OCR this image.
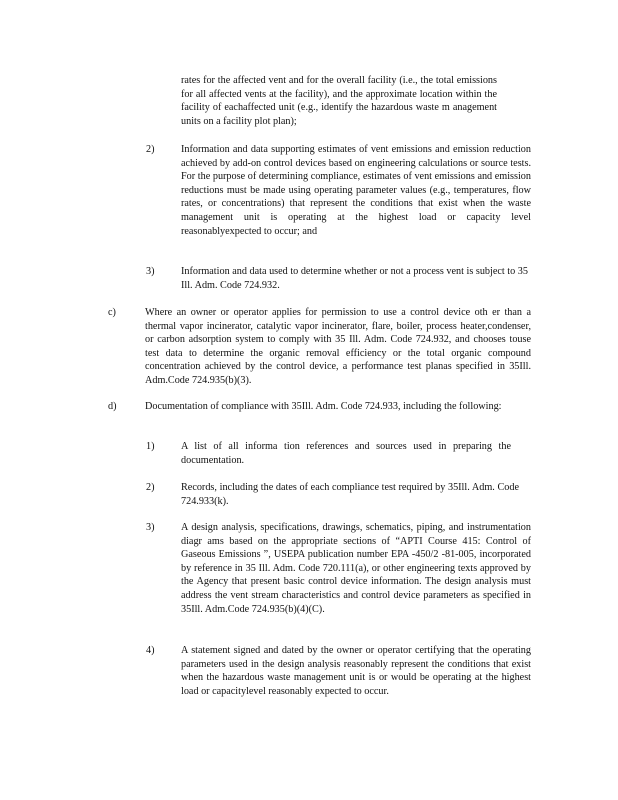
rates for the affected vent and for the overall facility (i.e., the total emissions for all affected vents at the facility), and the approximate location within the facility of eachaffected unit (e.g., identify the hazardous waste m anagement units on a facility plot plan);

2)	Information and data supporting estimates of vent emissions and emission reduction achieved by add-on control devices based on engineering calculations or source tests. For the purpose of determining compliance, estimates of vent emissions and emission reductions must be made using operating parameter values (e.g., temperatures, flow rates, or concentrations) that represent the conditions that exist when the waste management unit is operating at the highest load or capacity level reasonablyexpected to occur; and

3)	Information and data used to determine whether or not a process vent is subject to 35 Ill. Adm. Code 724.932.

c)	Where an owner or operator applies for permission to use a control device oth er than a thermal vapor incinerator, catalytic vapor incinerator, flare, boiler, process heater,condenser, or carbon adsorption system to comply with 35 Ill. Adm. Code 724.932, and chooses touse test data to determine the organic removal efficiency or the total organic compound concentration achieved by the control device, a performance test planas specified in 35Ill. Adm.Code 724.935(b)(3).

d)	Documentation of compliance with 35Ill. Adm. Code 724.933, including the following:

1)	A list of all informa tion references and sources used in preparing the documentation.

2)	Records, including the dates of each compliance test required by 35Ill. Adm. Code 724.933(k).

3)	A design analysis, specifications, drawings, schematics, piping, and instrumentation diagr ams based on the appropriate sections of “APTI Course 415: Control of Gaseous Emissions ”, USEPA publication number EPA -450/2 -81-005, incorporated by reference in 35 Ill. Adm. Code 720.111(a), or other engineering texts approved by the Agency that present basic control device information. The design analysis must address the vent stream characteristics and control device parameters as specified in 35Ill. Adm.Code 724.935(b)(4)(C).

4)	A statement signed and dated by the owner or operator certifying that the operating parameters used in the design analysis reasonably represent the conditions that exist when the hazardous waste management unit is or would be operating at the highest load or capacitylevel reasonably expected to occur.
